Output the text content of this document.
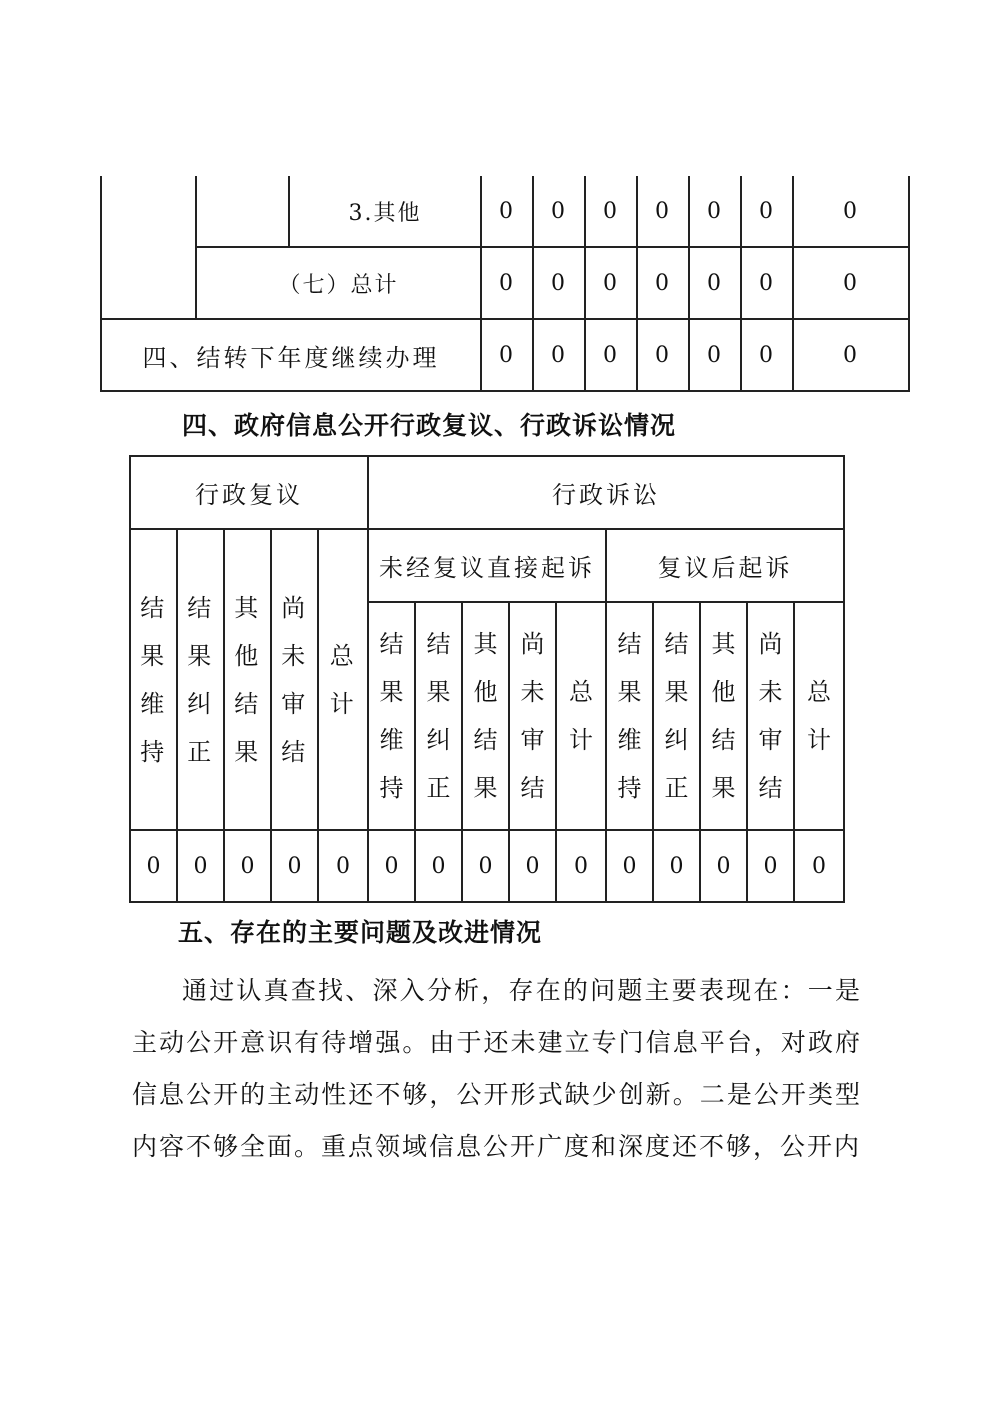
		3.其他	0	0	0	0	0	0	0
	（七）总计		0	0	0	0	0	0	0
四、结转下年度继续办理			0	0	0	0	0	0	0
四、政府信息公开行政复议、行政诉讼情况
行政复议					行政诉讼									

结果维持	结果纠正	其他结果	尚未审结	总计	未经复议直接起诉					复议后起诉				

					结果维持	结果纠正	其他结果	尚未审结	总计	结果维持	结果纠正	其他结果	尚未审结	总计

0	0	0	0	0	0	0	0	0	0	0	0	0	0	0
五、存在的主要问题及改进情况

通过认真查找、深入分析，存在的问题主要表现在：一是主动公开意识有待增强。由于还未建立专门信息平台，对政府信息公开的主动性还不够，公开形式缺少创新。二是公开类型内容不够全面。重点领域信息公开广度和深度还不够，公开内
